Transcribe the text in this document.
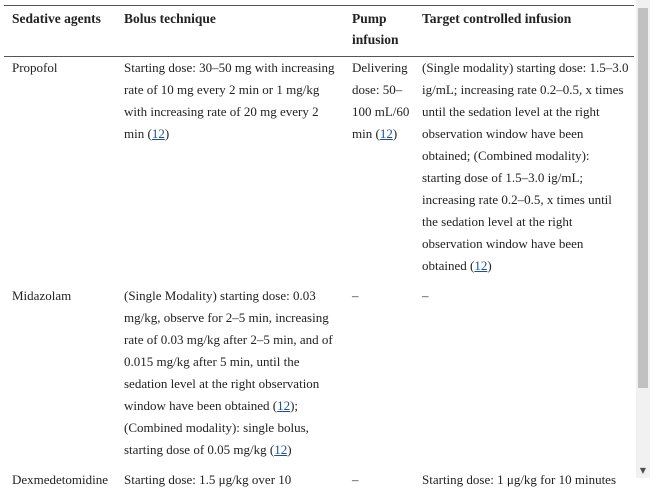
Sedative agents	Bolus technique	Pump infusion	Target controlled infusion
Propofol	Starting dose: 30–50 mg with increasing rate of 10 mg every 2 min or 1 mg/kg with increasing rate of 20 mg every 2 min (12)	Delivering dose: 50–100 mL/60 min (12)	(Single modality) starting dose: 1.5–3.0 ig/mL; increasing rate 0.2–0.5, x times until the sedation level at the right observation window have been obtained; (Combined modality): starting dose of 1.5–3.0 ig/mL; increasing rate 0.2–0.5, x times until the sedation level at the right observation window have been obtained (12)
Midazolam	(Single Modality) starting dose: 0.03 mg/kg, observe for 2–5 min, increasing rate of 0.03 mg/kg after 2–5 min, and of 0.015 mg/kg after 5 min, until the sedation level at the right observation window have been obtained (12); (Combined modality): single bolus, starting dose of 0.05 mg/kg (12)	–	–
Dexmedetomidine	Starting dose: 1.5 μg/kg over 10	–	Starting dose: 1 μg/kg for 10 minutes
▼
